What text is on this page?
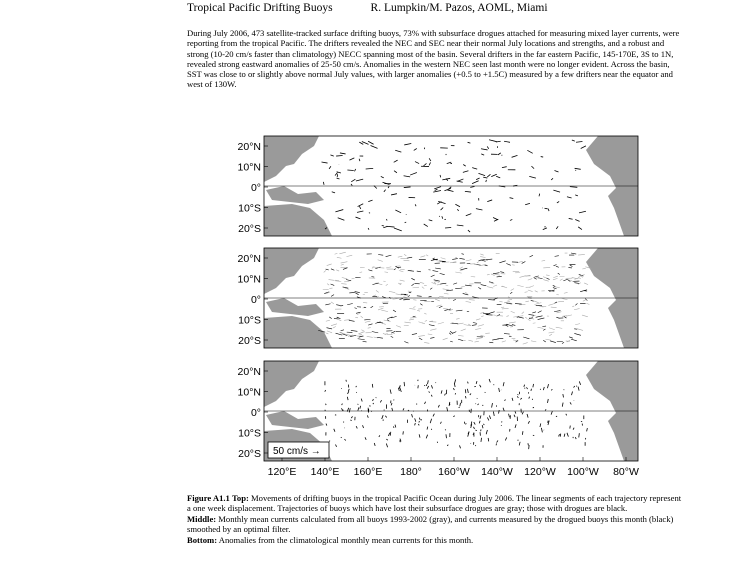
Tropical Pacific Drifting Buoys	R. Lumpkin/M. Pazos, AOML, Miami
During July 2006, 473 satellite-tracked surface drifting buoys, 73% with subsurface drogues attached for measuring mixed layer currents, were reporting from the tropical Pacific. The drifters revealed the NEC and SEC near their normal July locations and strengths, and a robust and strong (10-20 cm/s faster than climatology) NECC spanning most of the basin. Several drifters in the far eastern Pacific, 145-170E, 3S to 1N, revealed strong eastward anomalies of 25-50 cm/s. Anomalies in the western NEC seen last month were no longer evident. Across the basin, SST was close to or slightly above normal July values, with larger anomalies (+0.5 to +1.5C) measured by a few drifters near the equator and west of 130W.
20°N
10°N
0°
10°S
20°S
20°N
10°N
0°
10°S
20°S
20°N
10°N
0°
10°S
20°S
120°E 140°E 160°E 180° 160°W 140°W 120°W 100°W 80°W
50 cm/s →

Figure A1.1 Top: Movements of drifting buoys in the tropical Pacific Ocean during July 2006. The linear segments of each trajectory represent a one week displacement. Trajectories of buoys which have lost their subsurface drogues are gray; those with drogues are black.

Middle: Monthly mean currents calculated from all buoys 1993-2002 (gray), and currents measured by the drogued buoys this month (black) smoothed by an optimal filter.

Bottom: Anomalies from the climatological monthly mean currents for this month.
